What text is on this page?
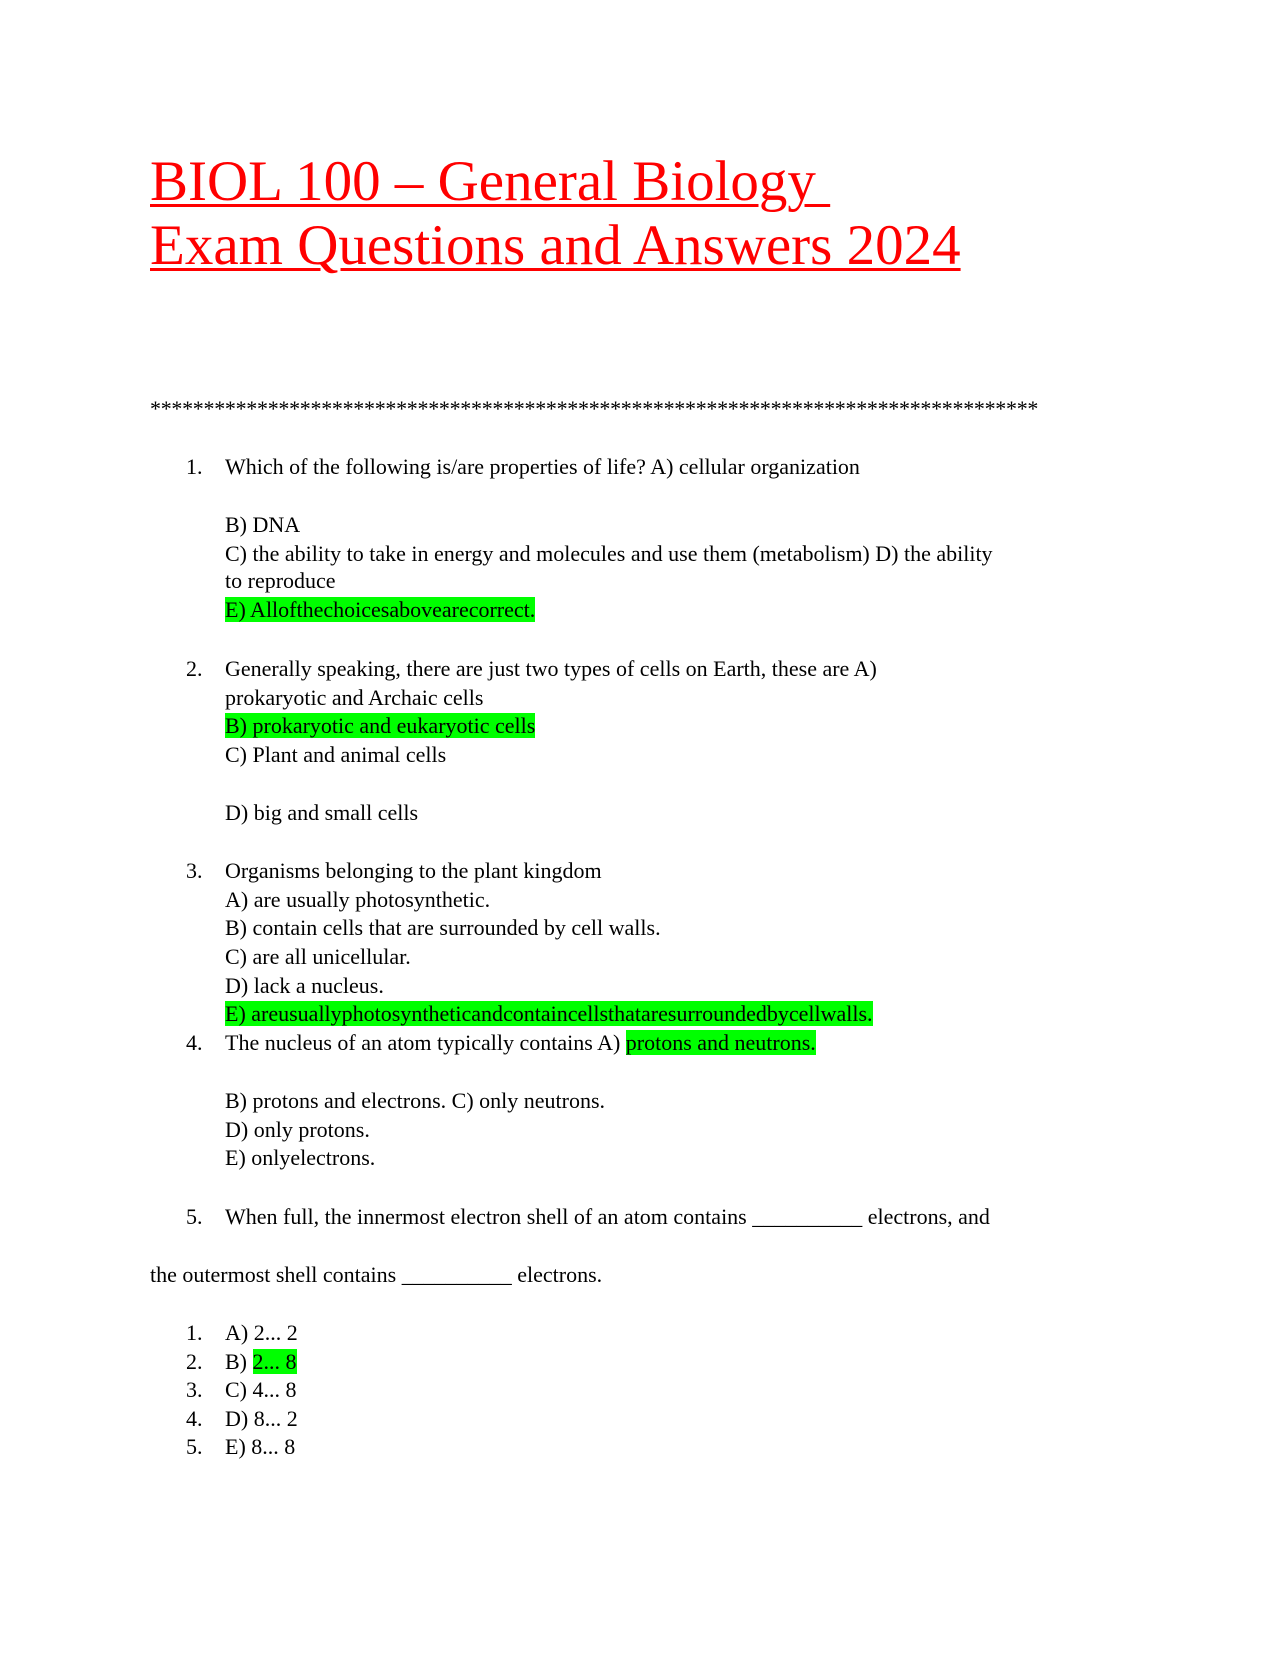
BIOL 100 – General Biology
Exam Questions and Answers 2024
***********************************************************************************
1. Which of the following is/are properties of life? A) cellular organization
B) DNA
C) the ability to take in energy and molecules and use them (metabolism) D) the ability
to reproduce
E) Allofthechoicesabovearecorrect.
2. Generally speaking, there are just two types of cells on Earth, these are A)
prokaryotic and Archaic cells
B) prokaryotic and eukaryotic cells
C) Plant and animal cells
D) big and small cells
3. Organisms belonging to the plant kingdom
A) are usually photosynthetic.
B) contain cells that are surrounded by cell walls.
C) are all unicellular.
D) lack a nucleus.
E) areusuallyphotosyntheticandcontaincellsthataresurroundedbycellwalls.
4. The nucleus of an atom typically contains A) protons and neutrons.
B) protons and electrons. C) only neutrons.
D) only protons.
E) onlyelectrons.
5. When full, the innermost electron shell of an atom contains __________ electrons, and
the outermost shell contains __________ electrons.
1. A) 2... 2
2. B) 2... 8
3. C) 4... 8
4. D) 8... 2
5. E) 8... 8
